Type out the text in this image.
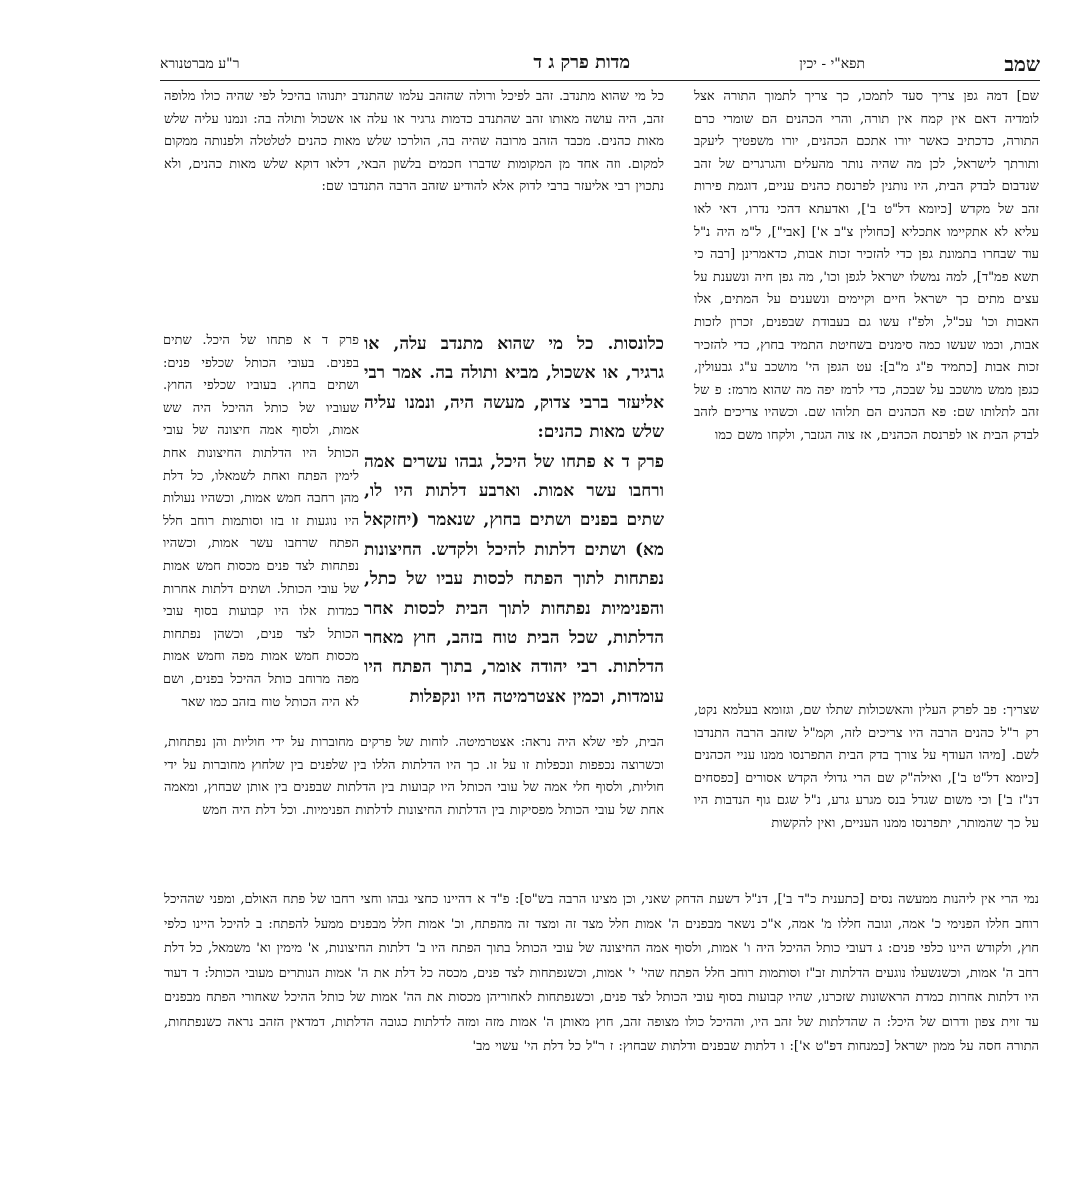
שמב
תפא"י - יכין
מדות פרק ג ד
ר"ע מברטנורא

שם] דמה גפן צריך סעד לתמכו, כך צריך לתמוך התורה אצל לומדיה דאם אין קמח אין תורה, והרי הכהנים הם שומרי כרם התורה, כדכתיב כאשר יורו אתכם הכהנים, יורו משפטיך ליעקב ותורתך לישראל, לכן מה שהיה נותר מהעלים והגרגרים של זהב שנדבום לבדק הבית, היו נותנין לפרנסת כהנים עניים, דוגמת פירות זהב של מקדש [כיומא דל"ט ב'], ואדעתא דהכי נדרו, דאי לאו עליא לא אתקיימו אתכליא [כחולין צ"ב א'] [אבי"], ל"מ היה נ"ל עוד שבחרו בתמונת גפן כדי להזכיר זכות אבות, כדאמרינן [רבה כי תשא פמ"ד], למה נמשלו ישראל לגפן וכו', מה גפן חיה ונשענת על עצים מתים כך ישראל חיים וקיימים ונשענים על המתים, אלו האבות וכו' עכ"ל, ולפ"ז עשו גם בעבודת שבפנים, זכרון לזכות אבות, וכמו שעשו כמה סימנים בשחיטת התמיד בחוץ, כדי להזכיר זכות אבות [כתמיד פ"ג מ"ב]: עט הגפן הי' מושכב ע"ג גבעולין, כגפן ממש מושכב על שבכה, כדי לרמז יפה מה שהוא מרמז: פ של זהב לתלותו שם: פא הכהנים הם תלוהו שם. וכשהיו צריכים לזהב לבדק הבית או לפרנסת הכהנים, אז צוה הגזבר, ולקחו משם כמו

שצריך: פב לפרק העלין והאשכולות שתלו שם, וגזומא בעלמא נקט, רק ר"ל כהנים הרבה היו צריכים לזה, וקמ"ל שזהב הרבה התנדבו לשם. [מיהו העודף על צורך בדק הבית התפרנסו ממנו עניי הכהנים [כיומא דל"ט ב'], ואילה"ק שם הרי גדולי הקדש אסורים [כפסחים דנ"ז ב'] וכי משום שגדל בנס מגרע גרע, נ"ל שגם גוף הנדבות היו על כך שהמותר, יתפרנסו ממנו העניים, ואין להקשות

כל מי שהוא מתנדב. זהב לפיכל ורולה שהזהב עלמו שהתנדב יתנוהו בהיכל לפי שהיה כולו מלופה זהב, היה עושה מאותו זהב שהתנדב כדמות גרגיר או עלה או אשכול ותולה בה: ונמנו עליה שלש מאות כהנים. מכבד הזהב מרובה שהיה בה, הולרכו שלש מאות כהנים לטלטלה ולפנותה ממקום למקום. וזה אחד מן המקומות שדברו חכמים בלשון הבאי, דלאו דוקא שלש מאות כהנים, ולא נתכוין רבי אליעזר ברבי לדוק אלא להודיע שזהב הרבה התנדבו שם:

כלונסות. כל מי שהוא מתנדב עלה, או גרגיר, או אשכול, מביא ותולה בה. אמר רבי אליעזר ברבי צדוק, מעשה היה, ונמנו עליה שלש מאות כהנים:

פרק ד א פתחו של היכל, גבהו עשרים אמה ורחבו עשר אמות. וארבע דלתות היו לו, שתים בפנים ושתים בחוץ, שנאמר (יחזקאל מא) ושתים דלתות להיכל ולקדש. החיצונות נפתחות לתוך הפתח לכסות עביו של כתל, והפנימיות נפתחות לתוך הבית לכסות אחר הדלתות, שכל הבית טוח בזהב, חוץ מאחר הדלתות. רבי יהודה אומר, בתוך הפתח היו עומדות, וכמין אצטרמיטה היו ונקפלות

פרק ד א פתחו של היכל. שתים בפנים. בעובי הכותל שכלפי פנים: ושתים בחוץ. בעוביו שכלפי החוץ. שעוביו של כותל ההיכל היה שש אמות, ולסוף אמה חיצונה של עובי הכותל היו הדלתות החיצונות אחת לימין הפתח ואחת לשמאלו, כל דלת מהן רחבה חמש אמות, וכשהיו נעולות היו נוגעות זו בזו וסותמות רוחב חלל הפתח שרחבו עשר אמות, וכשהיו נפתחות לצד פנים מכסות חמש אמות של עובי הכותל. ושתים דלתות אחרות כמדות אלו היו קבועות בסוף עובי הכותל לצד פנים, וכשהן נפתחות מכסות חמש אמות מפה וחמש אמות מפה מרוחב כותל ההיכל בפנים, ושם לא היה הכותל טוח בזהב כמו שאר

הבית, לפי שלא היה נראה: אצטרמיטה. לוחות של פרקים מחוברות על ידי חוליות והן נפתחות, וכשרוצה נכפפות ונכפלות זו על זו. כך היו הדלתות הללו בין שלפנים בין שלחוץ מחוברות על ידי חוליות, ולסוף חלי אמה של עובי הכותל היו קבועות בין הדלתות שבפנים בין אותן שבחוץ, ומאמה אחת של עובי הכותל מפסיקות בין הדלתות החיצונות לדלתות הפנימיות. וכל דלת היה חמש

נמי הרי אין ליהנות ממעשה נסים [כתענית כ"ד ב'], דנ"ל דשעת הדחק שאני, וכן מצינו הרבה בש"ס]: פ"ד א דהיינו כחצי גבהו וחצי רחבו של פתח האולם, ומפני שההיכל רוחב חללו הפנימי כ' אמה, וגובה חללו מ' אמה, א"כ נשאר מבפנים ה' אמות חלל מצד זה ומצד זה מהפתח, וכ' אמות חלל מבפנים ממעל להפתח: ב להיכל היינו כלפי חוץ, ולקודש היינו כלפי פנים: ג דעובי כותל ההיכל היה ו' אמות, ולסוף אמה החיצונה של עובי הכותל בתוך הפתח היו ב' דלתות החיצונות, א' מימין וא' משמאל, כל דלת רחב ה' אמות, וכשנשעלו נוגעים הדלתות זב"ז וסותמות רוחב חלל הפתח שהי' י' אמות, וכשנפתחות לצד פנים, מכסה כל דלת את ה' אמות הנותרים מעובי הכותל: ד דעוד היו דלתות אחרות כמדת הראשונות שזכרנו, שהיו קבועות בסוף עובי הכותל לצד פנים, וכשנפתחות לאחוריהן מכסות את הה' אמות של כותל ההיכל שאחורי הפתח מבפנים עד זוית צפון ודרום של היכל: ה שהדלתות של זהב היו, וההיכל כולו מצופה זהב, חוץ מאותן ה' אמות מזה ומזה לדלתות כגובה הדלתות, דמדאין הזהב נראה כשנפתחות, התורה חסה על ממון ישראל [כמנחות דפ"ט א']: ו דלתות שבפנים ודלתות שבחוץ: ז ר"ל כל דלת הי' עשוי מב'
